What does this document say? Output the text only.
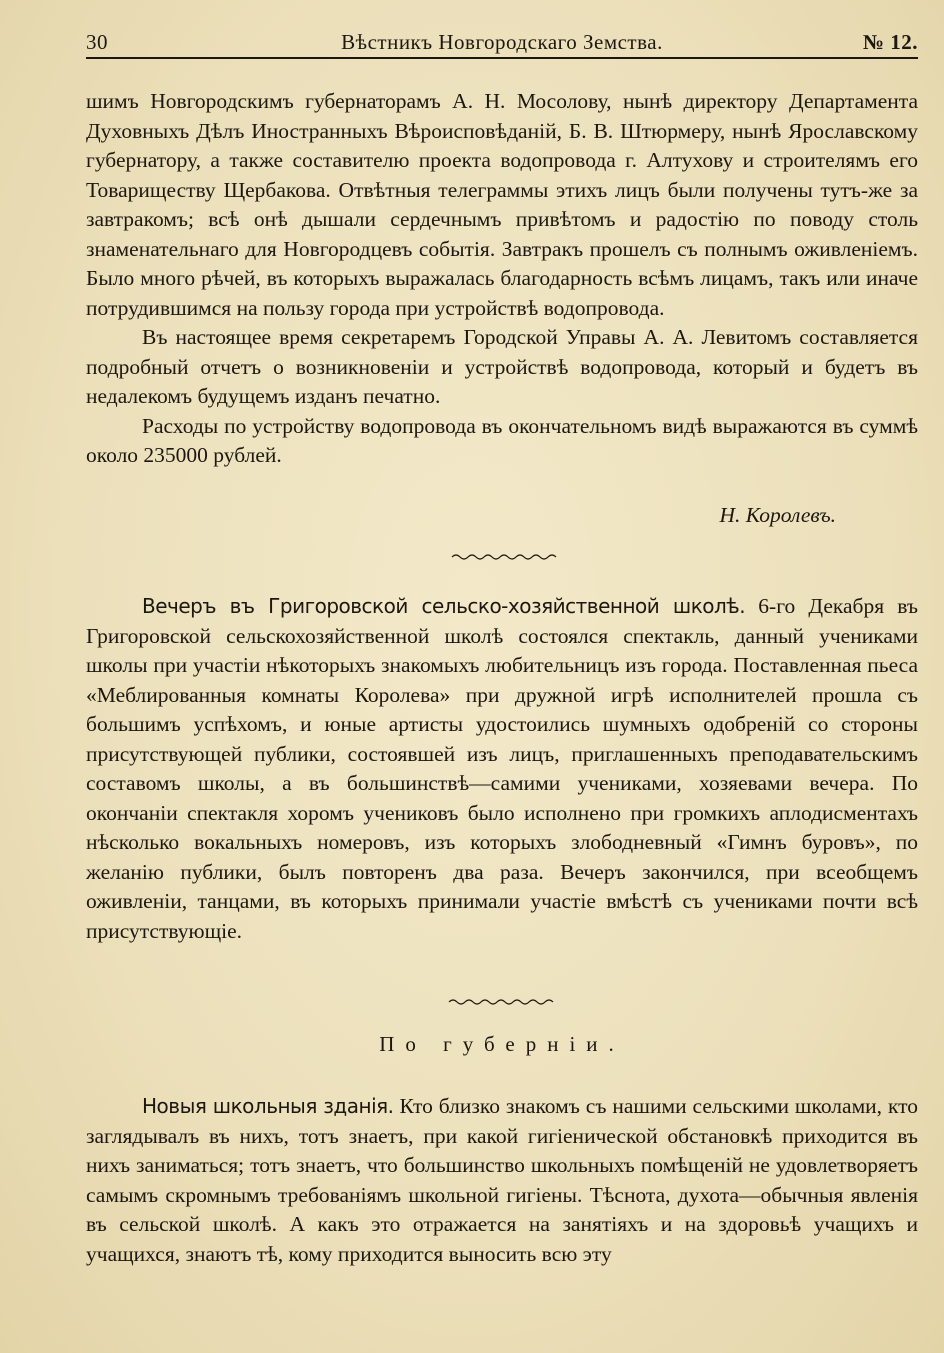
30	Вѣстникъ Новгородскаго Земства.	№ 12.

шимъ Новгородскимъ губернаторамъ А. Н. Мосолову, нынѣ директору Департамента Духовныхъ Дѣлъ Иностранныхъ Вѣроисповѣданій, Б. В. Штюрмеру, нынѣ Ярославскому губернатору, а также составителю проекта водопровода г. Алтухову и строителямъ его Товариществу Щербакова. Отвѣтныя телеграммы этихъ лицъ были получены тутъ-же за завтракомъ; всѣ онѣ дышали сердечнымъ привѣтомъ и радостiю по поводу столь знаменательнаго для Новгородцевъ событiя. Завтракъ прошелъ съ полнымъ оживленiемъ. Было много рѣчей, въ которыхъ выражалась благодарность всѣмъ лицамъ, такъ или иначе потрудившимся на пользу города при устройствѣ водопровода.

Въ настоящее время секретаремъ Городской Управы А. А. Левитомъ составляется подробный отчетъ о возникновенiи и устройствѣ водопровода, который и будетъ въ недалекомъ будущемъ изданъ печатно.

Расходы по устройству водопровода въ окончательномъ видѣ выражаются въ суммѣ около 235000 рублей.

Н. Королевъ.

Вечеръ въ Григоровской сельско-хозяйственной школѣ. 6-го Декабря въ Григоровской сельскохозяйственной школѣ состоялся спектакль, данный учениками школы при участiи нѣкоторыхъ знакомыхъ любительницъ изъ города. Поставленная пьеса «Меблированныя комнаты Королева» при дружной игрѣ исполнителей прошла съ большимъ успѣхомъ, и юные артисты удостоились шумныхъ одобренiй со стороны присутствующей публики, состоявшей изъ лицъ, приглашенныхъ преподавательскимъ составомъ школы, а въ большинствѣ—самими учениками, хозяевами вечера. По окончанiи спектакля хоромъ учениковъ было исполнено при громкихъ аплодисментахъ нѣсколько вокальныхъ номеровъ, изъ которыхъ злободневный «Гимнъ буровъ», по желанiю публики, былъ повторенъ два раза. Вечеръ закончился, при всеобщемъ оживленiи, танцами, въ которыхъ принимали участiе вмѣстѣ съ учениками почти всѣ присутствующiе.

По губернiи.

Новыя школьныя зданiя. Кто близко знакомъ съ нашими сельскими школами, кто заглядывалъ въ нихъ, тотъ знаетъ, при какой гигiенической обстановкѣ приходится въ нихъ заниматься; тотъ знаетъ, что большинство школьныхъ помѣщенiй не удовлетворяетъ самымъ скромнымъ требованiямъ школьной гигiены. Тѣснота, духота—обычныя явленiя въ сельской школѣ. А какъ это отражается на занятiяхъ и на здоровьѣ учащихъ и учащихся, знаютъ тѣ, кому приходится выносить всю эту
